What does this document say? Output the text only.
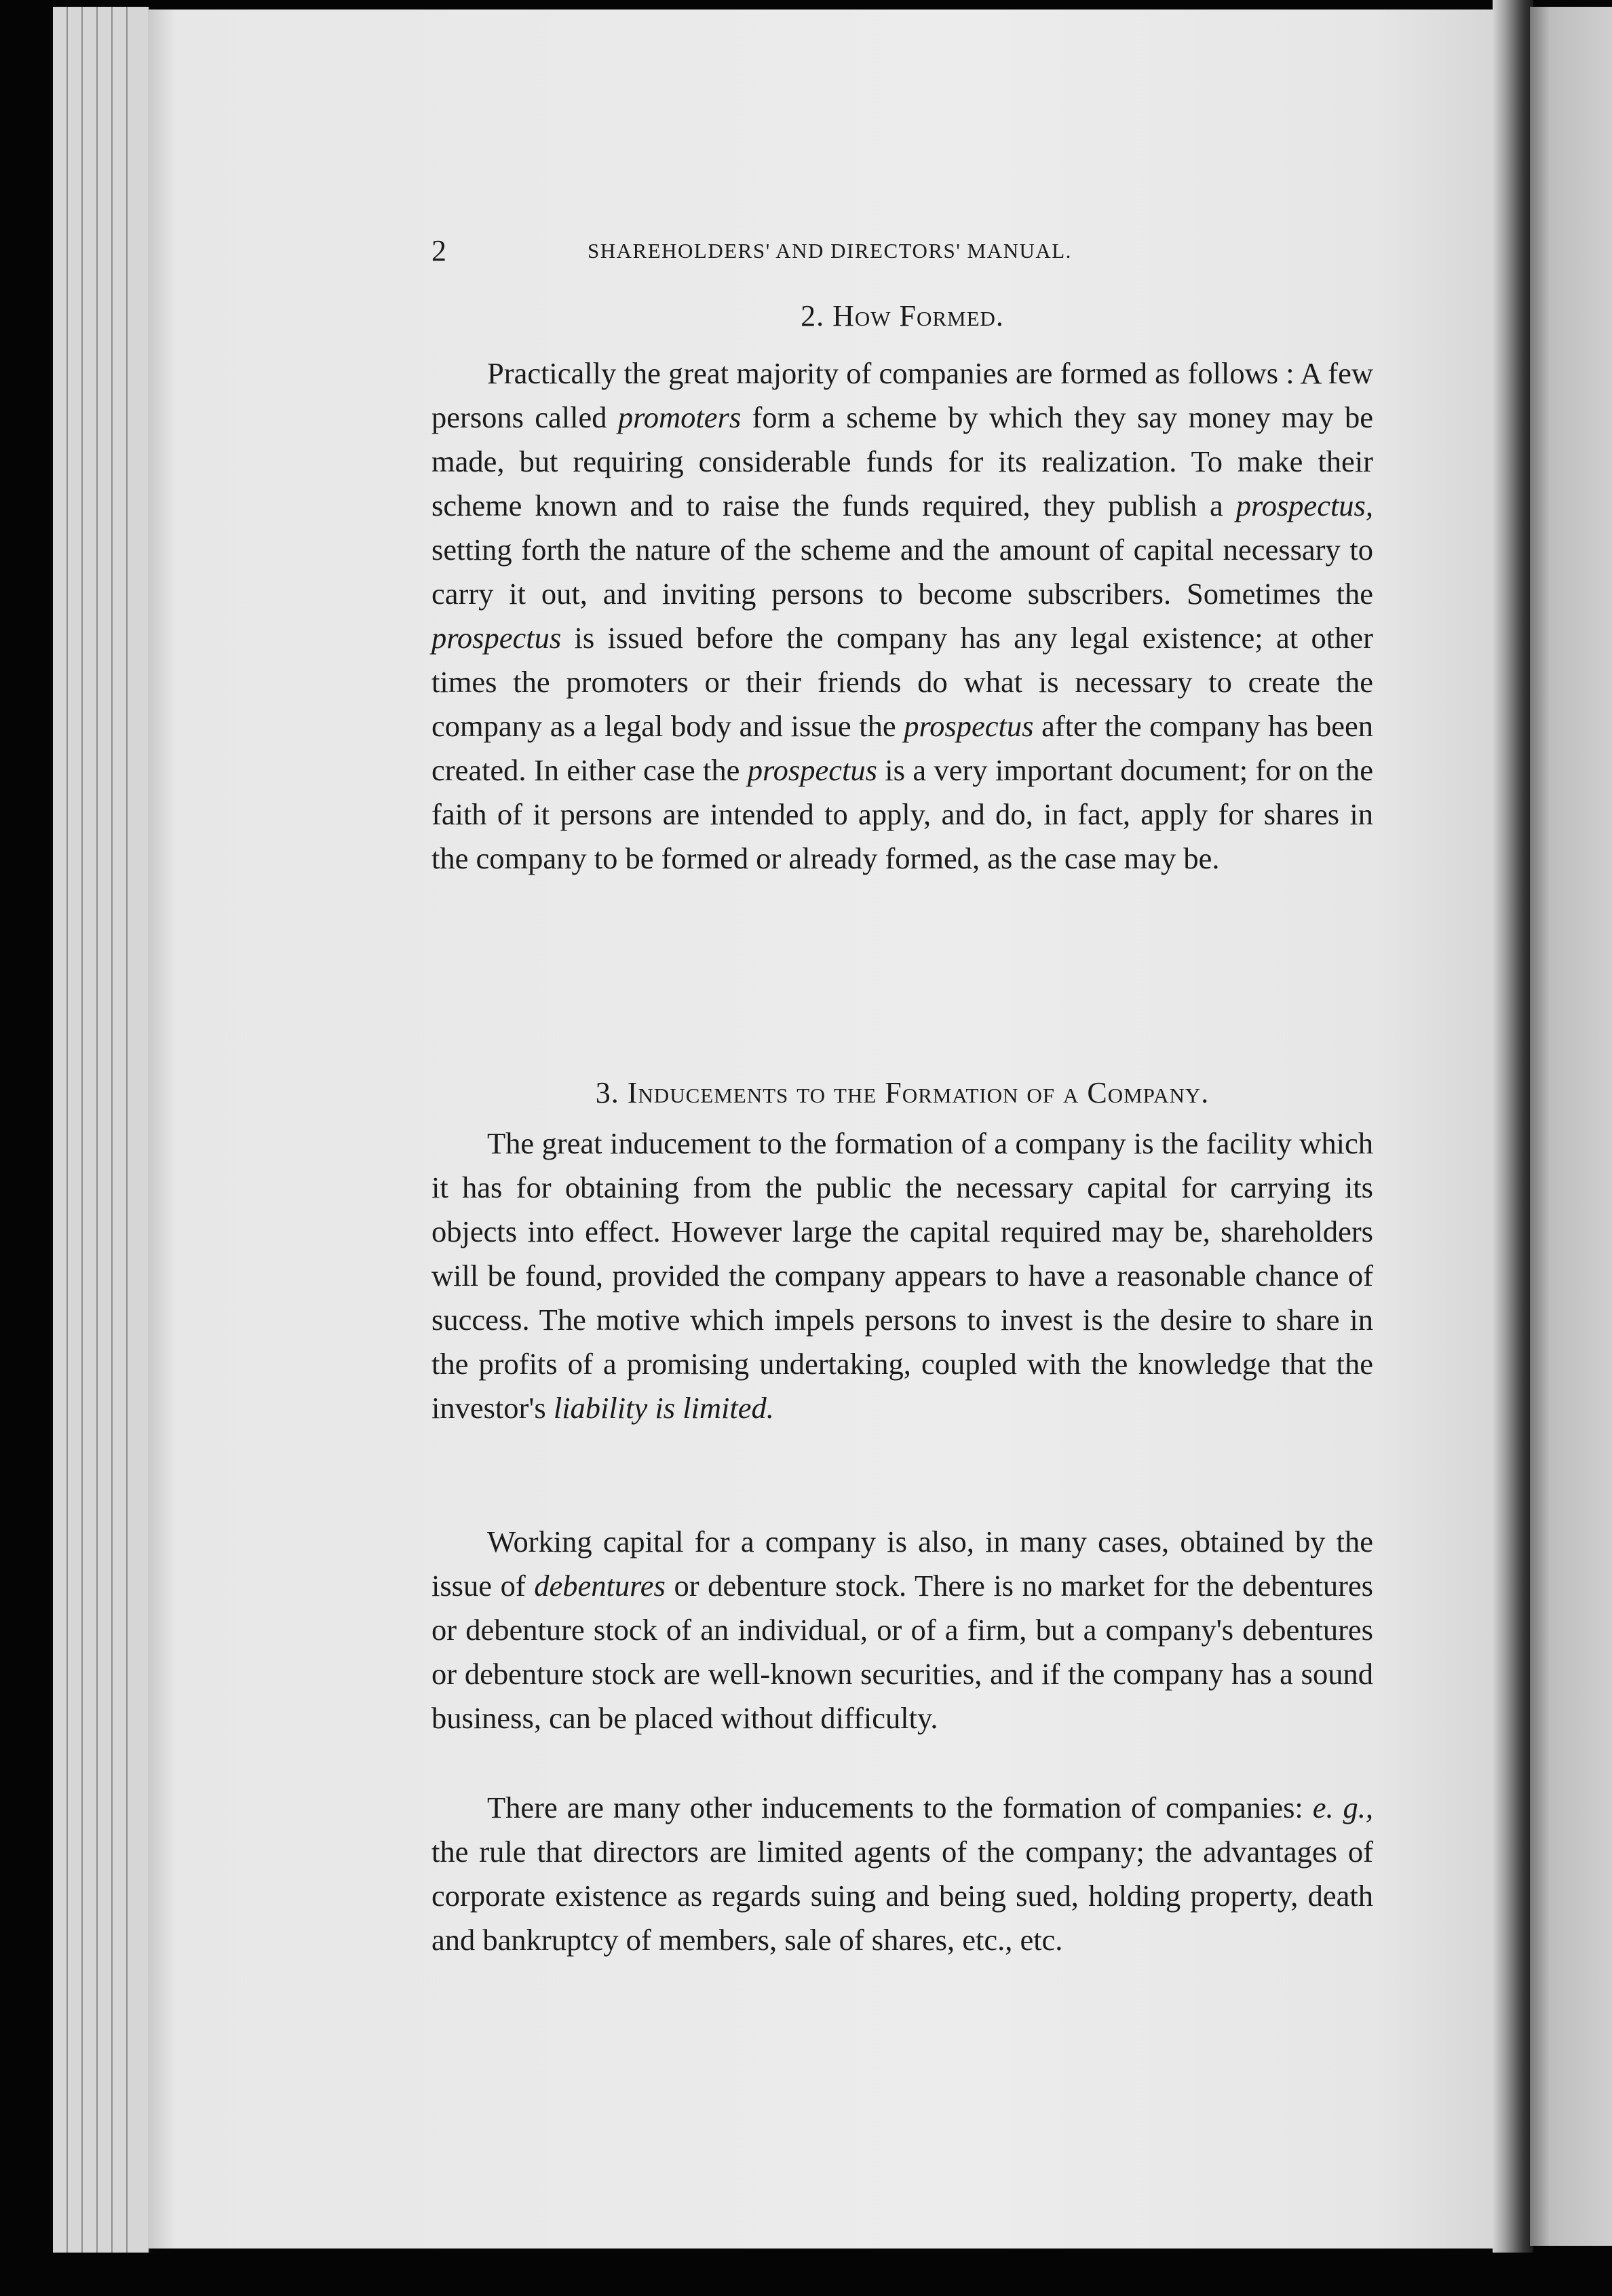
2	SHAREHOLDERS' AND DIRECTORS' MANUAL.
2. How Formed.

Practically the great majority of companies are formed as follows : A few persons called promoters form a scheme by which they say money may be made, but requiring considerable funds for its realization. To make their scheme known and to raise the funds required, they publish a prospectus, setting forth the nature of the scheme and the amount of capital necessary to carry it out, and inviting persons to become subscribers. Sometimes the prospectus is issued before the company has any legal existence; at other times the promoters or their friends do what is necessary to create the company as a legal body and issue the prospectus after the company has been created. In either case the prospectus is a very important document; for on the faith of it persons are intended to apply, and do, in fact, apply for shares in the company to be formed or already formed, as the case may be.

3. Inducements to the Formation of a Company.

The great inducement to the formation of a company is the facility which it has for obtaining from the public the necessary capital for carrying its objects into effect. However large the capital required may be, shareholders will be found, provided the company appears to have a reasonable chance of success. The motive which impels persons to invest is the desire to share in the profits of a promising undertaking, coupled with the knowledge that the investor's liability is limited.

Working capital for a company is also, in many cases, obtained by the issue of debentures or debenture stock. There is no market for the debentures or debenture stock of an individual, or of a firm, but a company's debentures or debenture stock are well-known securities, and if the company has a sound business, can be placed without difficulty.

There are many other inducements to the formation of companies: e. g., the rule that directors are limited agents of the company; the advantages of corporate existence as regards suing and being sued, holding property, death and bankruptcy of members, sale of shares, etc., etc.
